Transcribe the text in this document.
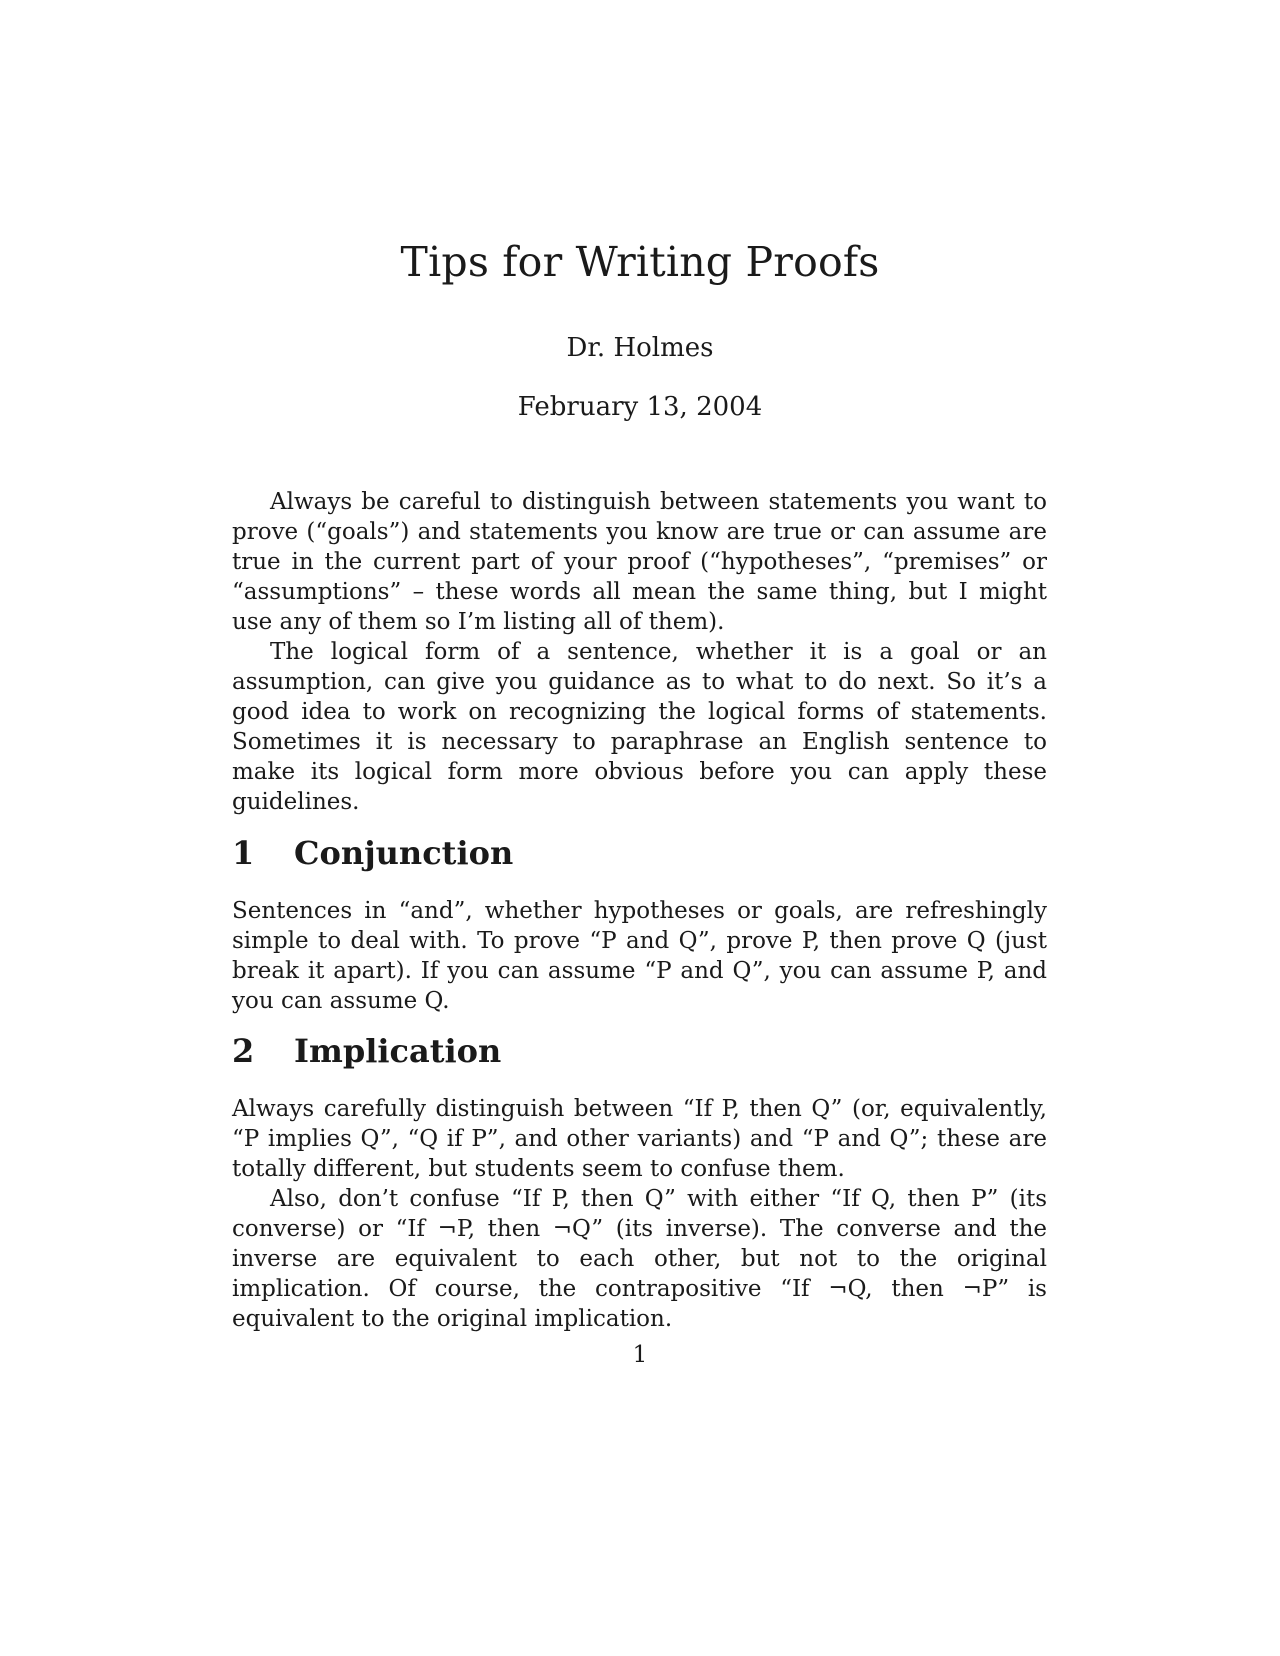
Tips for Writing Proofs
Dr. Holmes
February 13, 2004

Always be careful to distinguish between statements you want to prove (“goals”) and statements you know are true or can assume are true in the current part of your proof (“hypotheses”, “premises” or “assumptions” – these words all mean the same thing, but I might use any of them so I’m listing all of them).

The logical form of a sentence, whether it is a goal or an assumption, can give you guidance as to what to do next. So it’s a good idea to work on recognizing the logical forms of statements. Sometimes it is necessary to paraphrase an English sentence to make its logical form more obvious before you can apply these guidelines.

1 Conjunction

Sentences in “and”, whether hypotheses or goals, are refreshingly simple to deal with. To prove “P and Q”, prove P, then prove Q (just break it apart). If you can assume “P and Q”, you can assume P, and you can assume Q.

2 Implication

Always carefully distinguish between “If P, then Q” (or, equivalently, “P implies Q”, “Q if P”, and other variants) and “P and Q”; these are totally different, but students seem to confuse them.

Also, don’t confuse “If P, then Q” with either “If Q, then P” (its converse) or “If ¬P, then ¬Q” (its inverse). The converse and the inverse are equivalent to each other, but not to the original implication. Of course, the contrapositive “If ¬Q, then ¬P” is equivalent to the original implication.

1
